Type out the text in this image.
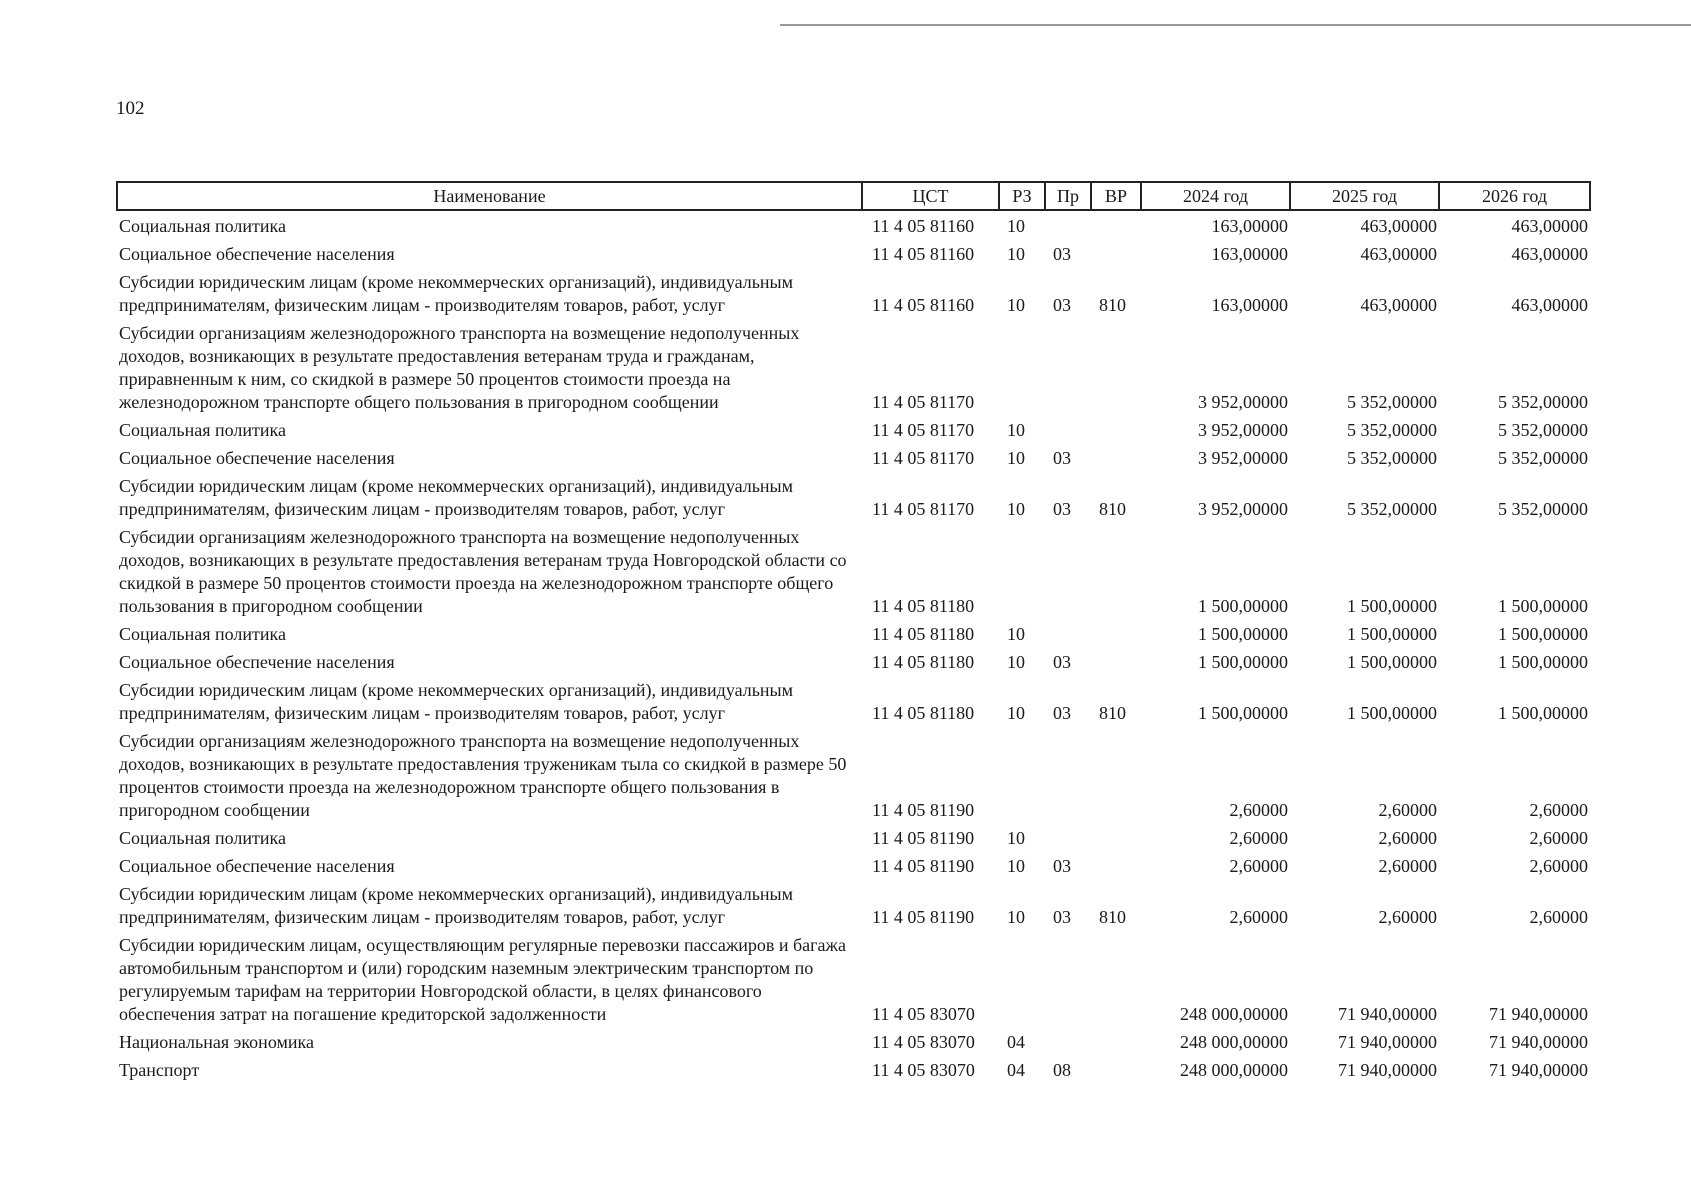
102
Наименование	ЦСТ	РЗ	Пр	ВР	2024 год	2025 год	2026 год
Социальная политика	11 4 05 81160	10			163,00000	463,00000	463,00000
Социальное обеспечение населения	11 4 05 81160	10	03		163,00000	463,00000	463,00000
Субсидии юридическим лицам (кроме некоммерческих организаций), индивидуальным предпринимателям, физическим лицам - производителям товаров, работ, услуг	11 4 05 81160	10	03	810	163,00000	463,00000	463,00000
Субсидии организациям железнодорожного транспорта на возмещение недополученных доходов, возникающих в результате предоставления ветеранам труда и гражданам, приравненным к ним, со скидкой в размере 50 процентов стоимости проезда на железнодорожном транспорте общего пользования в пригородном сообщении	11 4 05 81170				3 952,00000	5 352,00000	5 352,00000
Социальная политика	11 4 05 81170	10			3 952,00000	5 352,00000	5 352,00000
Социальное обеспечение населения	11 4 05 81170	10	03		3 952,00000	5 352,00000	5 352,00000
Субсидии юридическим лицам (кроме некоммерческих организаций), индивидуальным предпринимателям, физическим лицам - производителям товаров, работ, услуг	11 4 05 81170	10	03	810	3 952,00000	5 352,00000	5 352,00000
Субсидии организациям железнодорожного транспорта на возмещение недополученных доходов, возникающих в результате предоставления ветеранам труда Новгородской области со скидкой в размере 50 процентов стоимости проезда на железнодорожном транспорте общего пользования в пригородном сообщении	11 4 05 81180				1 500,00000	1 500,00000	1 500,00000
Социальная политика	11 4 05 81180	10			1 500,00000	1 500,00000	1 500,00000
Социальное обеспечение населения	11 4 05 81180	10	03		1 500,00000	1 500,00000	1 500,00000
Субсидии юридическим лицам (кроме некоммерческих организаций), индивидуальным предпринимателям, физическим лицам - производителям товаров, работ, услуг	11 4 05 81180	10	03	810	1 500,00000	1 500,00000	1 500,00000
Субсидии организациям железнодорожного транспорта на возмещение недополученных доходов, возникающих в результате предоставления труженикам тыла со скидкой в размере 50 процентов стоимости проезда на железнодорожном транспорте общего пользования в пригородном сообщении	11 4 05 81190				2,60000	2,60000	2,60000
Социальная политика	11 4 05 81190	10			2,60000	2,60000	2,60000
Социальное обеспечение населения	11 4 05 81190	10	03		2,60000	2,60000	2,60000
Субсидии юридическим лицам (кроме некоммерческих организаций), индивидуальным предпринимателям, физическим лицам - производителям товаров, работ, услуг	11 4 05 81190	10	03	810	2,60000	2,60000	2,60000
Субсидии юридическим лицам, осуществляющим регулярные перевозки пассажиров и багажа автомобильным транспортом и (или) городским наземным электрическим транспортом по регулируемым тарифам на территории Новгородской области, в целях финансового обеспечения затрат на погашение кредиторской задолженности	11 4 05 83070				248 000,00000	71 940,00000	71 940,00000
Национальная экономика	11 4 05 83070	04			248 000,00000	71 940,00000	71 940,00000
Транспорт	11 4 05 83070	04	08		248 000,00000	71 940,00000	71 940,00000
